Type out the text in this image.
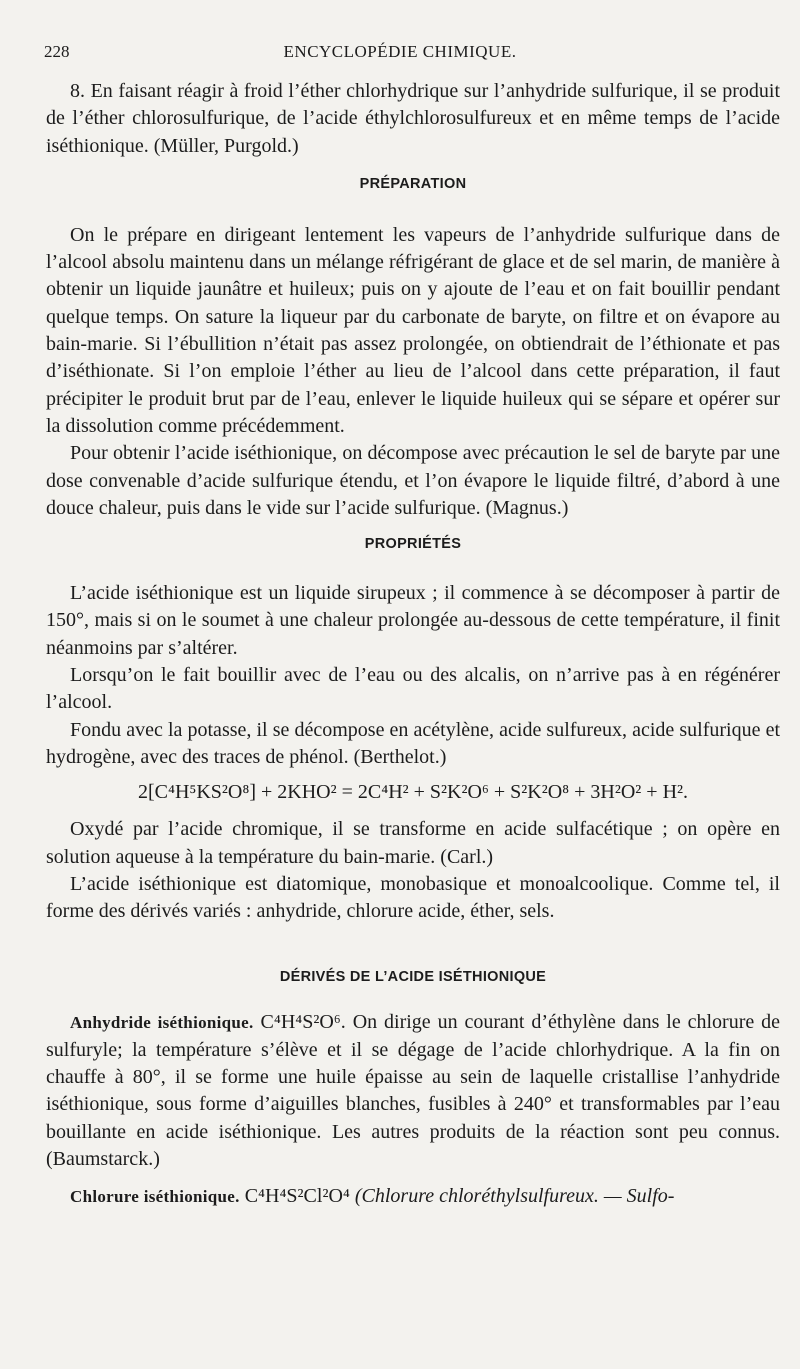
228	ENCYCLOPÉDIE CHIMIQUE.

8. En faisant réagir à froid l’éther chlorhydrique sur l’anhydride sulfurique, il se produit de l’éther chlorosulfurique, de l’acide éthylchlorosulfureux et en même temps de l’acide iséthionique. (Müller, Purgold.)

PRÉPARATION

On le prépare en dirigeant lentement les vapeurs de l’anhydride sulfurique dans de l’alcool absolu maintenu dans un mélange réfrigérant de glace et de sel marin, de manière à obtenir un liquide jaunâtre et huileux; puis on y ajoute de l’eau et on fait bouillir pendant quelque temps. On sature la liqueur par du carbonate de baryte, on filtre et on évapore au bain-marie. Si l’ébullition n’était pas assez prolongée, on obtiendrait de l’éthionate et pas d’iséthionate. Si l’on emploie l’éther au lieu de l’alcool dans cette préparation, il faut précipiter le produit brut par de l’eau, enlever le liquide huileux qui se sépare et opérer sur la dissolution comme précédemment.

Pour obtenir l’acide iséthionique, on décompose avec précaution le sel de baryte par une dose convenable d’acide sulfurique étendu, et l’on évapore le liquide filtré, d’abord à une douce chaleur, puis dans le vide sur l’acide sulfurique. (Magnus.)

PROPRIÉTÉS

L’acide iséthionique est un liquide sirupeux ; il commence à se décomposer à partir de 150°, mais si on le soumet à une chaleur prolongée au-dessous de cette température, il finit néanmoins par s’altérer.

Lorsqu’on le fait bouillir avec de l’eau ou des alcalis, on n’arrive pas à en régénérer l’alcool.

Fondu avec la potasse, il se décompose en acétylène, acide sulfureux, acide sulfurique et hydrogène, avec des traces de phénol. (Berthelot.)

2[C⁴H⁵KS²O⁸] + 2KHO² = 2C⁴H² + S²K²O⁶ + S²K²O⁸ + 3H²O² + H².

Oxydé par l’acide chromique, il se transforme en acide sulfacétique ; on opère en solution aqueuse à la température du bain-marie. (Carl.)

L’acide iséthionique est diatomique, monobasique et monoalcoolique. Comme tel, il forme des dérivés variés : anhydride, chlorure acide, éther, sels.

DÉRIVÉS DE L’ACIDE ISÉTHIONIQUE

Anhydride iséthionique. C⁴H⁴S²O⁶. On dirige un courant d’éthylène dans le chlorure de sulfuryle; la température s’élève et il se dégage de l’acide chlorhydrique. A la fin on chauffe à 80°, il se forme une huile épaisse au sein de laquelle cristallise l’anhydride iséthionique, sous forme d’aiguilles blanches, fusibles à 240° et transformables par l’eau bouillante en acide iséthionique. Les autres produits de la réaction sont peu connus. (Baumstarck.)

Chlorure iséthionique. C⁴H⁴S²Cl²O⁴ (Chlorure chloréthylsulfureux. — Sulfo-
